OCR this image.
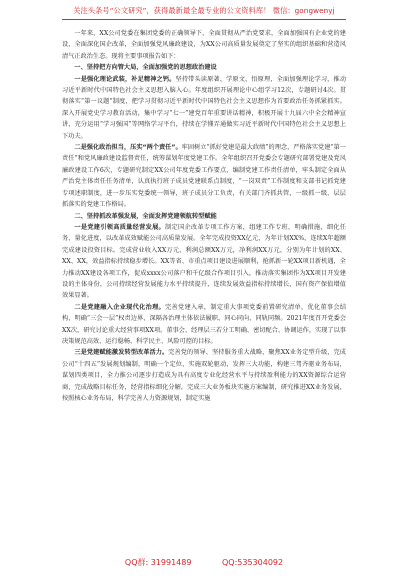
关注头条号“公文研究”，获得最新最全最专业的公文资料库！ 微信：gongwenyj

一年来，XX公司党委在集团党委的正确领导下，全面贯彻从严治党要求，全面加强国有企业党的建设，全面深化国企改革，全面加强党风廉政建设，为XX公司高质量发展奠定了坚实的组织基础和营造风清气正政治生态。现将主要事项报告如下：

一、坚持把方向管大局，全面加强党的思想政治建设

一是强化理论武装，补足精神之钙。坚持带头读原著、学原文、悟原理，全面加强理论学习，推动习近平新时代中国特色社会主义思想入脑入心。年度组织开展理论中心组学习12次，专题研讨4次。贯彻落实“第一议题”制度，把学习贯彻习近平新时代中国特色社会主义思想作为首要政治任务抓紧抓实。深入开展党史学习教育活动，集中学习“七一”建党百年重要讲话精神，积极开展十九届六中全会精神宣讲，充分运用“学习强国”等网络学习平台，持续在学懂弄通做实习近平新时代中国特色社会主义思想上下功夫。

二是强化政治担当，压实“两个责任”。牢固树立“抓好党建是最大政绩”的理念，严格落实党建“第一责任”和党风廉政建设监督责任，统筹谋划年度党建工作。全年组织召开党委会专题研究部署党建及党风廉政建设工作6次，专题研究制定XX公司年度党委工作要点，编制党建工作责任清单，牢头制定全面从严治党主体责任任务清单，认真执行班子成员党建联系点制度，“一岗双责”工作制度和支部书记抓党建专项述职制度，进一步压实党委统一领导，班子成员分工负责，有关部门齐抓共管，一级抓一级、层层抓落实的党建工作格局。

二、坚持抓改革强发展，全面发挥党建领航转型赋能

一是党建引领高质量经营发展。制定国企改革专项工作方案，组建工作专班，明确措施、细化任务、量化进度，以改革成效赋能公司高质量发展。全年完成投资XX亿元，为年计划XX%，连续X年超额完成建设投资目标。完成营业收入XX万元，利润总额XX万元，净利润XX万元，分别为年计划的XX、XX、XX，效益指标持续稳步增长。XX等省、市重点项目建设进展顺利，抢抓新一轮XX项目新机遇，全力推动XX建设各项工作，促成xxxx公司落户和千亿级合作项目引入，推动落实集团作为XX项目开发建设的主体身份，公司持续经营发展能力水平持续提升，连续发展效益指标持续增长，国有资产保值增值效果显著。

二是党建融入企业现代化治理。完善党建入章，制定重大事项党委前置研究清单，优化董事会结构，明确“三会一层”权责边界，深隔各治理主体依法履职、同心同向、同轨同频。2021年度召开党委会XX次，研究讨论重大经营事项XX项。董事会、经理层三若分工明确、密切配合、协调运作，实现了以事决策规范高效、运行稳畅、科学民主、风险可控的目标。

三是党建赋能激发转型改革活力。完善党的领导、坚持服务重大战略，聚焦XX业务定型升级，完成公司“十四五”发展规划编制，明确一个定位，实施双轮驱动，发挥三大功能，构建三驾齐驱业务布局，谋划四类项目，全力推公司逐步打造成为具有高度专业化经营水平与持续盈利能力的XX资源综合运营商，完成战略目标任务，经营指标细化分解，完成三大业务板块实施方案编制，研究推进XX业务发展，按照核心业务布局，科学完善人力资源规划，制定实施

QQ群: 31991489	QQ:535304092
